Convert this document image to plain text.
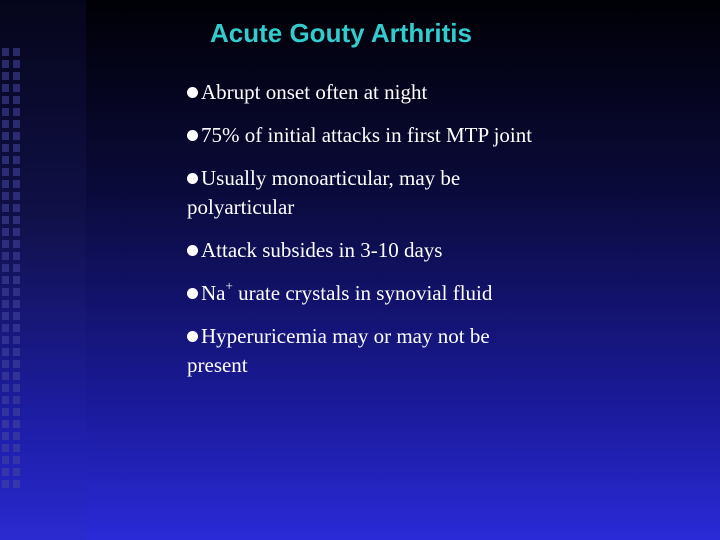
Acute Gouty Arthritis
Abrupt onset often at night
75% of initial attacks in first MTP joint
Usually monoarticular, may be polyarticular
Attack subsides in 3-10 days
Na+ urate crystals in synovial fluid
Hyperuricemia may or may not be present
